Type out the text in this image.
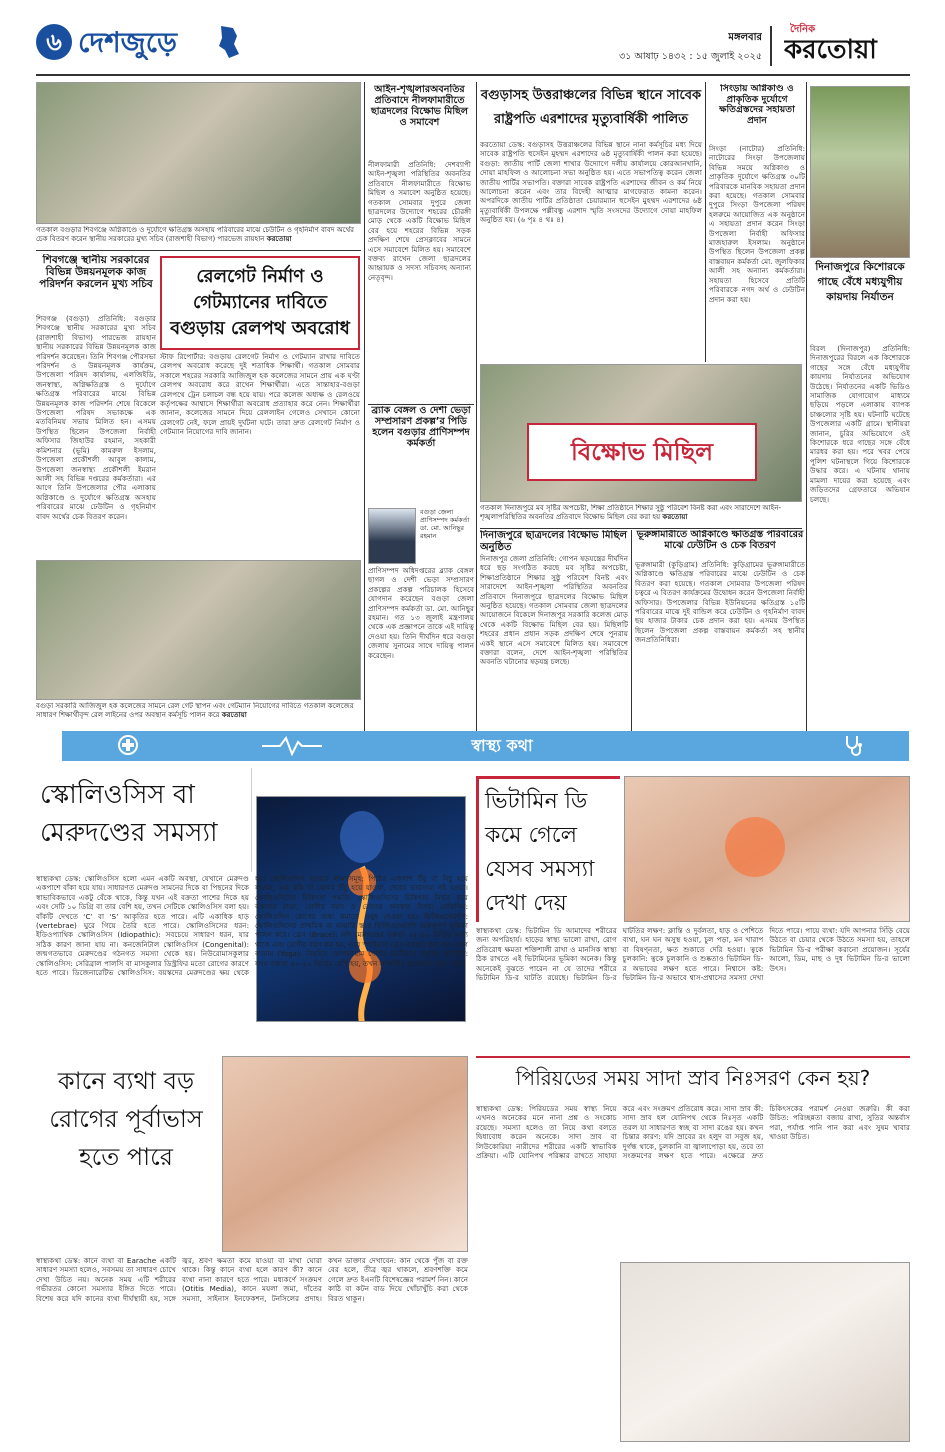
৬ দেশজুড়ে	মঙ্গলবার
৩১ আষাঢ় ১৪৩২ : ১৫ জুলাই ২০২৫
দৈনিক
করতোয়া
গতকাল বগুড়ার শিবগঞ্জে অগ্নিকাণ্ডে ও দুর্যোগে ক্ষতিগ্রস্ত অসহায় পরিবারের মাঝে চেউটিন ও গৃহনির্মাণ বাবদ অর্থের চেক বিতরণ করেন স্থানীয় সরকারের মুখ্য সচিব (রাজশাহী বিভাগ) পারভেজ রায়হান করতোয়া
শিবগঞ্জে স্থানীয় সরকারের বিভিন্ন উন্নয়নমূলক কাজ পরিদর্শন করলেন মুখ্য সচিব
শিবগঞ্জ (বগুড়া) প্রতিনিধি: বগুড়ার শিবগঞ্জে স্থানীয় সরকারের মুখ্য সচিব (রাজশাহী বিভাগ) পারভেজ রায়হান স্থানীয় সরকারের বিভিন্ন উন্নয়নমূলক কাজ পরিদর্শন করেছেন। তিনি শিবগঞ্জ পৌরসভা পরিদর্শন ও উন্নয়নমূলক কার্যক্রম, উপজেলা পরিষদ কার্যালয়, এলজিইডি, জনস্বাস্থ্য, অগ্নিক্ষতিগ্রস্ত ও দুর্যোগে ক্ষতিগ্রস্ত পরিবারের মাঝে বিভিন্ন উন্নয়নমূলক কাজ পরিদর্শন শেষে বিকেলে উপজেলা পরিষদ সভাকক্ষে এক মতবিনিময় সভায় মিলিত হন। এসময় উপস্থিত ছিলেন উপজেলা নির্বাহী অফিসার জিহাউর রহমান, সহকারী কমিশনার (ভূমি) কামরুল ইসলাম, উপজেলা প্রকৌশলী আবুল কালাম, উপজেলা জনস্বাস্থ্য প্রকৌশলী ইমরান আলী সহ বিভিন্ন দপ্তরের কর্মকর্তারা। এর আগে তিনি উপজেলার পৌর এলাকায় অগ্নিকাণ্ডে ও দুর্যোগে ক্ষতিগ্রস্ত অসহায় পরিবারের মাঝে ঢেউটিন ও গৃহনির্মাণ বাবদ অর্থের চেক বিতরণ করেন।
রেলগেট নির্মাণ ও গেটম্যানের দাবিতে বগুড়ায় রেলপথ অবরোধ
স্টাফ রিপোর্টার: বগুড়ায় রেলগেট নির্মাণ ও গেটম্যান রাখার দাবিতে রেলপথ অবরোধ করেছে দুই শতাধিক শিক্ষার্থী। গতকাল সোমবার সকালে শহরের সরকারি আজিজুল হক কলেজের সামনে প্রায় এক ঘণ্টা রেলপথ অবরোধ করে রাখেন শিক্ষার্থীরা। এতে সান্তাহার-বগুড়া রেলপথে ট্রেন চলাচল বন্ধ হয়ে যায়। পরে কলেজ অধ্যক্ষ ও রেলওয়ে কর্তৃপক্ষের আশ্বাসে শিক্ষার্থীরা অবরোধ প্রত্যাহার করে নেন। শিক্ষার্থীরা জানান, কলেজের সামনে দিয়ে রেললাইন গেলেও সেখানে কোনো রেলগেট নেই, ফলে প্রায়ই দুর্ঘটনা ঘটে। তারা দ্রুত রেলগেট নির্মাণ ও গেটম্যান নিয়োগের দাবি জানান।
আইন-শৃঙ্খলারঅবনতির প্রতিবাদে নীলফামারীতে ছাত্রদলের বিক্ষোভ মিছিল ও সমাবেশ
নীলফামারী প্রতিনিধি: দেশব্যাপী আইন-শৃঙ্খলা পরিস্থিতির অবনতির প্রতিবাদে নীলফামারীতে বিক্ষোভ মিছিল ও সমাবেশ অনুষ্ঠিত হয়েছে। গতকাল সোমবার দুপুরে জেলা ছাত্রদলের উদ্যোগে শহরের চৌরঙ্গী মোড় থেকে একটি বিক্ষোভ মিছিল বের হয়ে শহরের বিভিন্ন সড়ক প্রদক্ষিণ শেষে প্রেসক্লাবের সামনে এসে সমাবেশে মিলিত হয়। সমাবেশে বক্তব্য রাখেন জেলা ছাত্রদলের আহ্বায়ক ও সদস্য সচিবসহ অন্যান্য নেতৃবৃন্দ।
ব্র্যাক বেঙ্গল ও দেশী ভেড়া সম্প্রসারণ প্রকল্প’র পিডি হলেন বগুড়ার প্রাণিসম্পদ কর্মকর্তা
বগুড়া জেলা প্রাণিসম্পদ কর্মকর্তা ডা. মো. আনিছুর রহমান
প্রাণিসম্পদ অধিদপ্তরের ব্ল্যাক বেঙ্গল ছাগল ও দেশী ভেড়া সম্প্রসারণ প্রকল্পের প্রকল্প পরিচালক হিসেবে যোগদান করেছেন বগুড়া জেলা প্রাণিসম্পদ কর্মকর্তা ডা. মো. আনিছুর রহমান। গত ১৩ জুলাই মন্ত্রণালয় থেকে এক প্রজ্ঞাপনে তাকে এই দায়িত্ব দেওয়া হয়। তিনি দীর্ঘদিন ধরে বগুড়া জেলায় সুনামের সাথে দায়িত্ব পালন করেছেন।
বগুড়া সরকারি আজিজুল হক কলেজের সামনে রেল গেট স্থাপন এবং গেটম্যান নিয়োগের দাবিতে গতকাল কলেজের সাধারণ শিক্ষার্থীবৃন্দ রেল লাইনের ওপর অবস্থান কর্মসূচি পালন করে করতোয়া
বগুড়াসহ উত্তরাঞ্চলের বিভিন্ন স্থানে সাবেক রাষ্ট্রপতি এরশাদের মৃত্যুবার্ষিকী পালিত
করতোয়া ডেস্ক: বগুড়াসহ উত্তরাঞ্চলের বিভিন্ন স্থানে নানা কর্মসূচির মধ্য দিয়ে সাবেক রাষ্ট্রপতি হুসেইন মুহম্মদ এরশাদের ৬ষ্ঠ মৃত্যুবার্ষিকী পালন করা হয়েছে। বগুড়া: জাতীয় পার্টি জেলা শাখার উদ্যোগে দলীয় কার্যালয়ে কোরআনখানি, দোয়া মাহফিল ও আলোচনা সভা অনুষ্ঠিত হয়। এতে সভাপতিত্ব করেন জেলা জাতীয় পার্টির সভাপতি। বক্তারা সাবেক রাষ্ট্রপতি এরশাদের জীবন ও কর্ম নিয়ে আলোচনা করেন এবং তার বিদেহী আত্মার মাগফেরাত কামনা করেন। অপরদিকে জাতীয় পার্টির প্রতিষ্ঠাতা চেয়ারম্যান হুসেইন মুহম্মদ এরশাদের ৬ষ্ঠ মৃত্যুবার্ষিকী উপলক্ষে পল্লীবন্ধু এরশাদ স্মৃতি সংসদের উদ্যোগে দোয়া মাহফিল অনুষ্ঠিত হয়। (৬ পৃঃ ৪ থঃ ৪)
বিক্ষোভ মিছিল
গতকাল দিনাজপুরে মব সৃষ্টির অপচেষ্টা, শিক্ষা প্রতিষ্ঠানে শিক্ষার সুষ্ঠু পরিবেশ বিনষ্ট করা এবং সারাদেশে আইন-শৃঙ্খলাপরিস্থিতির অবনতির প্রতিবাদে বিক্ষোভ মিছিল বের করা হয় করতোয়া
দিনাজপুরে ছাত্রদলের বিক্ষোভ মিছিল অনুষ্ঠিত
দিনাজপুর জেলা প্রতিনিধি: গোপন ষড়যন্ত্রের দীর্ঘদিন ধরে ছড় সংগঠিত করছে মব সৃষ্টির অপচেষ্টা, শিক্ষাপ্রতিষ্ঠানে শিক্ষার সুষ্ঠু পরিবেশ বিনষ্ট এবং সারাদেশে আইন-শৃঙ্খলা পরিস্থিতির অবনতির প্রতিবাদে দিনাজপুরে ছাত্রদলের বিক্ষোভ মিছিল অনুষ্ঠিত হয়েছে। গতকাল সোমবার জেলা ছাত্রদলের আয়োজনে বিকেলে দিনাজপুর সরকারি কলেজ মোড় থেকে একটি বিক্ষোভ মিছিল বের হয়। মিছিলটি শহরের প্রধান প্রধান সড়ক প্রদক্ষিণ শেষে পুনরায় একই স্থানে এসে সমাবেশে মিলিত হয়। সমাবেশে বক্তারা বলেন, দেশে আইন-শৃঙ্খলা পরিস্থিতির অবনতি ঘটানোর ষড়যন্ত্র চলছে।
ভূরুঙ্গামারীতে অগ্নিকাণ্ডে ক্ষতিগ্রস্ত পরিবারের মাঝে ঢেউটিন ও চেক বিতরণ
ভূরুঙ্গামারী (কুড়িগ্রাম) প্রতিনিধি: কুড়িগ্রামের ভূরুঙ্গামারীতে অগ্নিকাণ্ডে ক্ষতিগ্রস্ত পরিবারের মাঝে ঢেউটিন ও চেক বিতরণ করা হয়েছে। গতকাল সোমবার উপজেলা পরিষদ চত্বরে এ বিতরণ কার্যক্রমের উদ্বোধন করেন উপজেলা নির্বাহী অফিসার। উপজেলার বিভিন্ন ইউনিয়নের ক্ষতিগ্রস্ত ১৫টি পরিবারের মাঝে দুই বান্ডিল করে ঢেউটিন ও গৃহনির্মাণ বাবদ ছয় হাজার টাকার চেক প্রদান করা হয়। এসময় উপস্থিত ছিলেন উপজেলা প্রকল্প বাস্তবায়ন কর্মকর্তা সহ স্থানীয় জনপ্রতিনিধিরা।
সিংড়ায় অগ্নিকাণ্ড ও প্রাকৃতিক দুর্যোগে ক্ষতিগ্রস্তদের সহায়তা প্রদান
সিংড়া (নাটোর) প্রতিনিধি: নাটোরের সিংড়া উপজেলায় বিভিন্ন সময়ে অগ্নিকাণ্ড ও প্রাকৃতিক দুর্যোগে ক্ষতিগ্রস্ত ৩০টি পরিবারকে মানবিক সহায়তা প্রদান করা হয়েছে। গতকাল সোমবার দুপুরে সিংড়া উপজেলা পরিষদ হলরুমে আয়োজিত এক অনুষ্ঠানে এ সহায়তা প্রদান করেন সিংড়া উপজেলা নির্বাহী অফিসার মাজহারুল ইসলাম। অনুষ্ঠানে উপস্থিত ছিলেন উপজেলা প্রকল্প বাস্তবায়ন কর্মকর্তা মো. জুলফিকার আলী সহ অন্যান্য কর্মকর্তারা। সহায়তা হিসেবে প্রতিটি পরিবারকে নগদ অর্থ ও ঢেউটিন প্রদান করা হয়।
দিনাজপুরে কিশোরকে গাছে বেঁধে মধ্যযুগীয় কায়দায় নির্যাতন
বিরল (দিনাজপুর) প্রতিনিধি: দিনাজপুরের বিরলে এক কিশোরকে গাছের সঙ্গে বেঁধে মধ্যযুগীয় কায়দায় নির্যাতনের অভিযোগ উঠেছে। নির্যাতনের একটি ভিডিও সামাজিক যোগাযোগ মাধ্যমে ছড়িয়ে পড়লে এলাকায় ব্যাপক চাঞ্চল্যের সৃষ্টি হয়। ঘটনাটি ঘটেছে উপজেলার একটি গ্রামে। স্থানীয়রা জানান, চুরির অভিযোগে ওই কিশোরকে ধরে গাছের সঙ্গে বেঁধে মারধর করা হয়। পরে খবর পেয়ে পুলিশ ঘটনাস্থলে গিয়ে কিশোরকে উদ্ধার করে। এ ঘটনায় থানায় মামলা দায়ের করা হয়েছে এবং জড়িতদের গ্রেফতারে অভিযান চলছে।
স্বাস্থ্য কথা
স্কোলিওসিস বা মেরুদণ্ডের সমস্যা
স্বাস্থ্যকথা ডেস্ক: স্কোলিওসিস হলো এমন একটি অবস্থা, যেখানে মেরুদণ্ড একপাশে বাঁকা হয়ে যায়। সাধারণত মেরুদণ্ড সামনের দিকে বা পিছনের দিকে স্বাভাবিকভাবে একটু বেঁকে থাকে, কিন্তু যখন এই বক্রতা পাশের দিকে হয় এবং সেটি ১০ ডিগ্রি বা তার বেশি হয়, তখন সেটিকে স্কোলিওসিস বলা হয়। বাঁকটি দেখতে ‘C’ বা ‘S’ আকৃতির হতে পারে। এটি একাধিক হাড় (vertebrae) ঘুরে গিয়ে তৈরি হতে পারে। স্কোলিওসিসের ধরন: ইডিওপ্যাথিক স্কোলিওসিস (Idiopathic): সবচেয়ে সাধারণ ধরন, যার সঠিক কারণ জানা যায় না। কনজেনিটাল স্কোলিওসিস (Congenital): জন্মগতভাবে মেরুদণ্ডের গঠনগত সমস্যা থেকে হয়। নিউরোমাসকুলার স্কোলিওসিস: সেরিব্রাল পালসি বা মাসকুলার ডিস্ট্রফির মতো রোগের কারণে হতে পারে। ডিজেনারেটিভ স্কোলিওসিস: বয়স্কদের মেরুদণ্ডের ক্ষয় থেকে হয়। স্কোলিওসিস হওয়ার লক্ষণসমূহ: পিঠের একপাশ উঁচু বা নিচু হয়ে যাওয়া, এক কাঁধ বা কোমর উঁচু হয়ে যাওয়া, দেহের ভারসাম্য নষ্ট হওয়া। স্কোলিওসিসের চিকিৎসা পদ্ধতি: স্কোলিওসিসের চিকিৎসা নির্ভর করে বক্রতার মাত্রা, রোগীর বয়স ও রোগের অবস্থার উপর। মেডিসিন: স্কোলিওসিস রোগের ব্যথা কমাতে ওষুধ দেওয়া হয়। ফিজিওথেরাপি: স্কোলিওসিসের প্রাথমিক বা মাঝারি স্তরে ফিজিওথেরাপি গুরুত্বপূর্ণ ভূমিকা পালন করে। ব্রেস (Brace): যদি মেরুদণ্ডের বক্রতা ২৫-৪০ ডিগ্রির মধ্যে থাকে এবং রোগীর বয়স কম হয়, তবে স্পাইনাল ব্রেস ব্যবহার করা হয়। যোগ ব্যায়াম (Yoga): নিয়মিত যোগব্যায়াম পেশির নমনীয়তা বাড়ায়। সার্জারি: যখন বক্রতা ৪০-৫০ ডিগ্রির বেশি হয়, তখন সার্জারির প্রয়োজন হতে পারে।
ভিটামিন ডি কমে গেলে যেসব সমস্যা দেখা দেয়
স্বাস্থ্যকথা ডেস্ক: ভিটামিন ডি আমাদের শরীরের জন্য অপরিহার্য। হাড়ের স্বাস্থ্য ভালো রাখা, রোগ প্রতিরোধ ক্ষমতা শক্তিশালী রাখা ও মানসিক স্বাস্থ্য ঠিক রাখতে এই ভিটামিনের ভূমিকা অনেক। কিন্তু অনেকেই বুঝতে পারেন না যে তাদের শরীরে ভিটামিন ডি-র ঘাটতি রয়েছে। ভিটামিন ডি-র ঘাটতির লক্ষণ: ক্লান্তি ও দুর্বলতা, হাড় ও পেশিতে ব্যথা, ঘন ঘন অসুস্থ হওয়া, চুল পড়া, মন খারাপ বা বিষণ্নতা, ক্ষত শুকাতে দেরি হওয়া। ত্বকে চুলকানি: ত্বকে চুলকানি ও শুষ্কতাও ভিটামিন ডি-র অভাবের লক্ষণ হতে পারে। নিশ্বাসে কষ্ট: ভিটামিন ডি-র অভাবে শ্বাস-প্রশ্বাসের সমস্যা দেখা দিতে পারে। পায়ে ব্যথা: যদি আপনার সিঁড়ি বেয়ে উঠতে বা চেয়ার থেকে উঠতে সমস্যা হয়, তাহলে ভিটামিন ডি-র পরীক্ষা করানো প্রয়োজন। সূর্যের আলো, ডিম, মাছ ও দুধ ভিটামিন ডি-র ভালো উৎস।
কানে ব্যথা বড় রোগের পূর্বাভাস হতে পারে
স্বাস্থ্যকথা ডেস্ক: কানে ব্যথা বা Earache একটি সাধারণ সমস্যা হলেও, সবসময় তা সাধারণ চোখে দেখা উচিত নয়। অনেক সময় এটি শরীরের গভীরতর কোনো সমস্যার ইঙ্গিত দিতে পারে। বিশেষ করে যদি কানের ব্যথা দীর্ঘস্থায়ী হয়, সঙ্গে জ্বর, শ্রবণ ক্ষমতা কমে যাওয়া বা মাথা ঘোরা থাকে। কিন্তু কানে ব্যথা হলে কারণ কী? কানে ব্যথা নানা কারণে হতে পারে। মধ্যকর্ণে সংক্রমণ (Otitis Media), কানে ময়লা জমা, দাঁতের সমস্যা, সাইনাস ইনফেকশন, টনসিলের প্রদাহ। কখন ডাক্তার দেখাবেন: কান থেকে পুঁজ বা রক্ত বের হলে, তীব্র জ্বর থাকলে, শ্রবণশক্তি কমে গেলে দ্রুত ইএনটি বিশেষজ্ঞের পরামর্শ নিন। কানে কাঠি বা কটন বাড দিয়ে খোঁচাখুঁচি করা থেকে বিরত থাকুন।
পিরিয়ডের সময় সাদা স্রাব নিঃসরণ কেন হয়?
স্বাস্থ্যকথা ডেস্ক: পিরিয়ডের সময় স্বাস্থ্য নিয়ে এখনও অনেকের মনে নানা প্রশ্ন ও সংকোচ রয়েছে। সমস্যা হলেও তা নিয়ে কথা বলতে দ্বিধাবোধ করেন অনেকে। সাদা স্রাব বা লিউকোরিয়া নারীদের শরীরের একটি স্বাভাবিক প্রক্রিয়া। এটি যোনিপথ পরিষ্কার রাখতে সাহায্য করে এবং সংক্রমণ প্রতিরোধ করে। সাদা স্রাব কী: সাদা স্রাব হল যোনিপথ থেকে নিঃসৃত একটি তরল যা সাধারণত স্বচ্ছ বা সাদা রঙের হয়। কখন চিন্তার কারণ: যদি স্রাবের রং হলুদ বা সবুজ হয়, দুর্গন্ধ থাকে, চুলকানি বা জ্বালাপোড়া হয়, তবে তা সংক্রমণের লক্ষণ হতে পারে। এক্ষেত্রে দ্রুত চিকিৎসকের পরামর্শ নেওয়া জরুরি। কী করা উচিত: পরিচ্ছন্নতা বজায় রাখা, সুতির অন্তর্বাস পরা, পর্যাপ্ত পানি পান করা এবং সুষম খাবার খাওয়া উচিত।
